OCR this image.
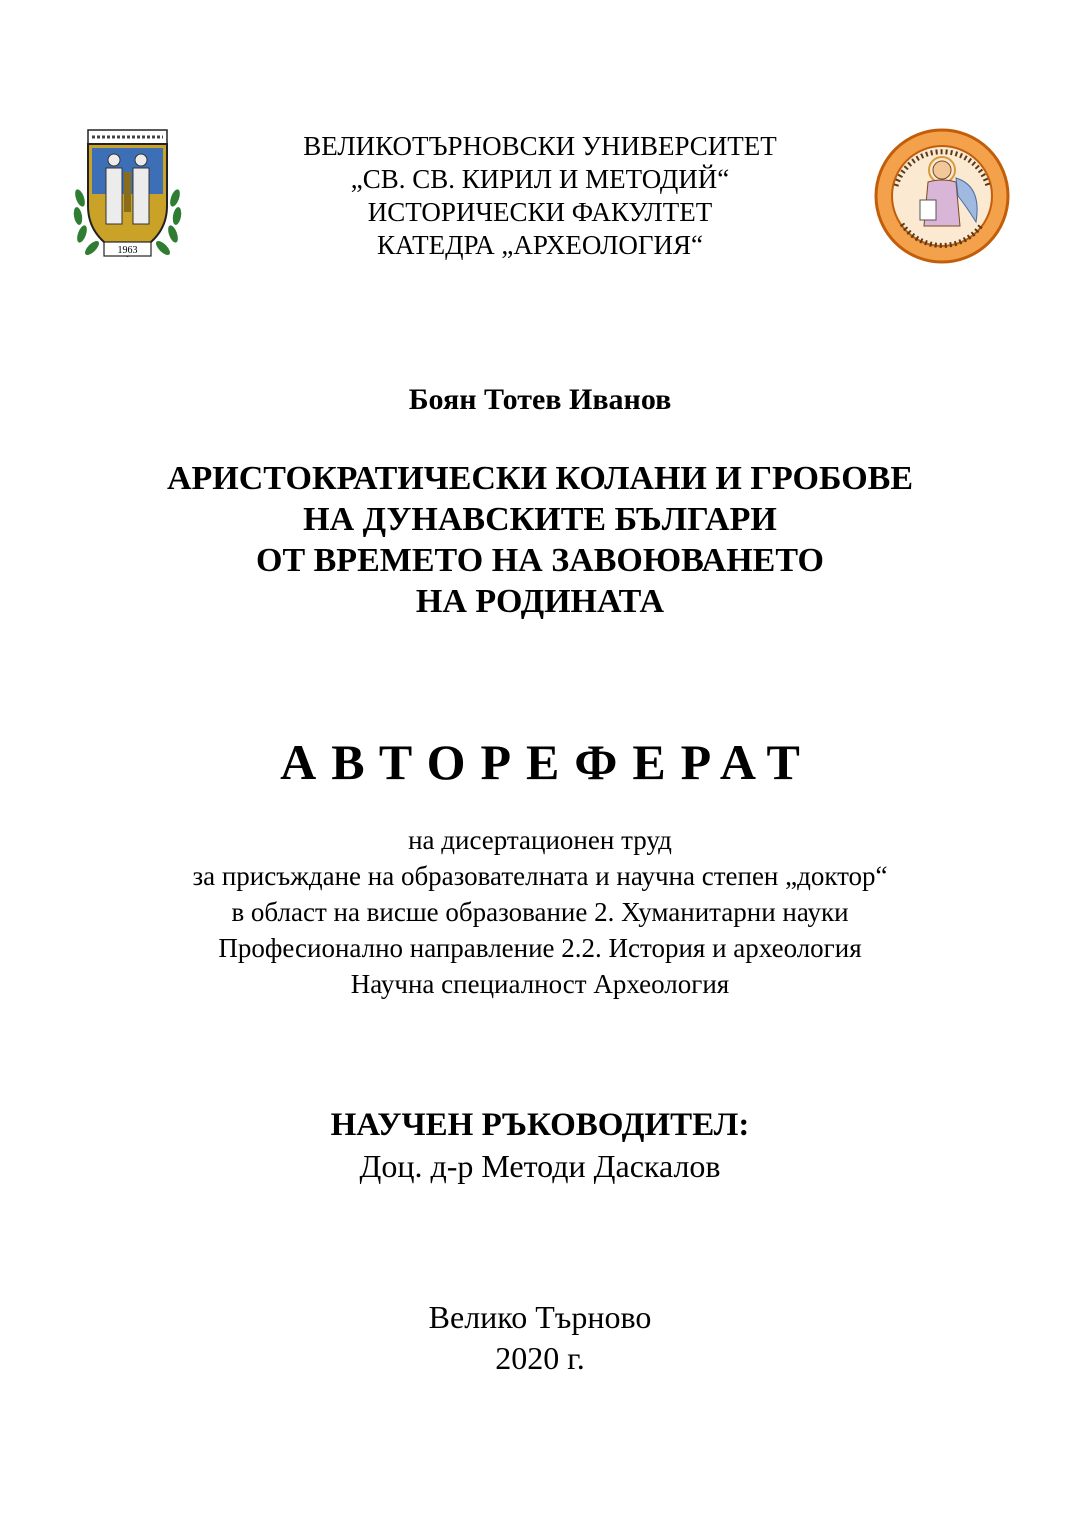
1963
ВЕЛИКОТЪРНОВСКИ УНИВЕРСИТЕТ
„СВ. СВ. КИРИЛ И МЕТОДИЙ“
ИСТОРИЧЕСКИ ФАКУЛТЕТ
КАТЕДРА „АРХЕОЛОГИЯ“
Боян Тотев Иванов
АРИСТОКРАТИЧЕСКИ КОЛАНИ И ГРОБОВЕ
НА ДУНАВСКИТЕ БЪЛГАРИ
ОТ ВРЕМЕТО НА ЗАВОЮВАНЕТО
НА РОДИНАТА
АВТОРЕФЕРАТ
на дисертационен труд
за присъждане на образователната и научна степен „доктор“
в област на висше образование 2. Хуманитарни науки
Професионално направление 2.2. История и археология
Научна специалност Археология
НАУЧЕН РЪКОВОДИТЕЛ:
Доц. д-р Методи Даскалов
Велико Търново
2020 г.
